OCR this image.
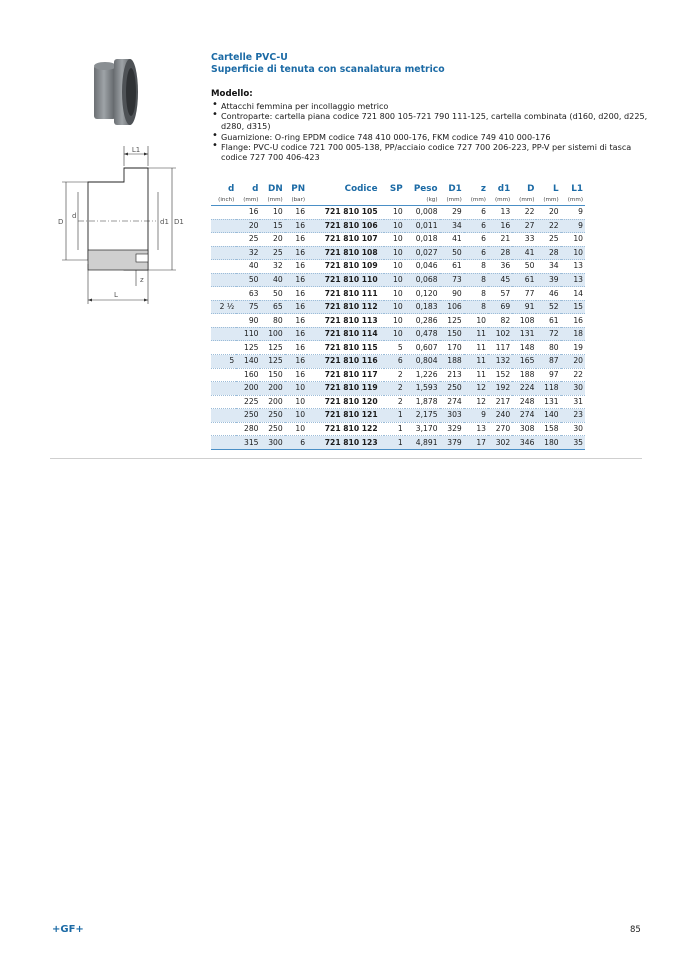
Cartelle PVC-U
Superficie di tenuta con scanalatura metrico
L1
D
d
d1 D1
z
L
Modello:
• Attacchi femmina per incollaggio metrico
• Controparte: cartella piana codice 721 800 105-721 790 111-125, cartella combinata (d160, d200, d225, d280, d315)
• Guarnizione: O-ring EPDM codice 748 410 000-176, FKM codice 749 410 000-176
• Flange: PVC-U codice 721 700 005-138, PP/acciaio codice 727 700 206-223, PP-V per sistemi di tasca codice 727 700 406-423
d	d	DN	PN	Codice	SP	Peso	D1	z	d1	D	L	L1
(inch)	(mm)	(mm)	(bar)			(kg)	(mm)	(mm)	(mm)	(mm)	(mm)	(mm)
	16	10	16	721 810 105	10	0,008	29	6	13	22	20	9
	20	15	16	721 810 106	10	0,011	34	6	16	27	22	9
	25	20	16	721 810 107	10	0,018	41	6	21	33	25	10
	32	25	16	721 810 108	10	0,027	50	6	28	41	28	10
	40	32	16	721 810 109	10	0,046	61	8	36	50	34	13
	50	40	16	721 810 110	10	0,068	73	8	45	61	39	13
	63	50	16	721 810 111	10	0,120	90	8	57	77	46	14
2 ½	75	65	16	721 810 112	10	0,183	106	8	69	91	52	15
	90	80	16	721 810 113	10	0,286	125	10	82	108	61	16
	110	100	16	721 810 114	10	0,478	150	11	102	131	72	18
	125	125	16	721 810 115	5	0,607	170	11	117	148	80	19
5	140	125	16	721 810 116	6	0,804	188	11	132	165	87	20
	160	150	16	721 810 117	2	1,226	213	11	152	188	97	22
	200	200	10	721 810 119	2	1,593	250	12	192	224	118	30
	225	200	10	721 810 120	2	1,878	274	12	217	248	131	31
	250	250	10	721 810 121	1	2,175	303	9	240	274	140	23
	280	250	10	721 810 122	1	3,170	329	13	270	308	158	30
	315	300	6	721 810 123	1	4,891	379	17	302	346	180	35
+GF+	85
